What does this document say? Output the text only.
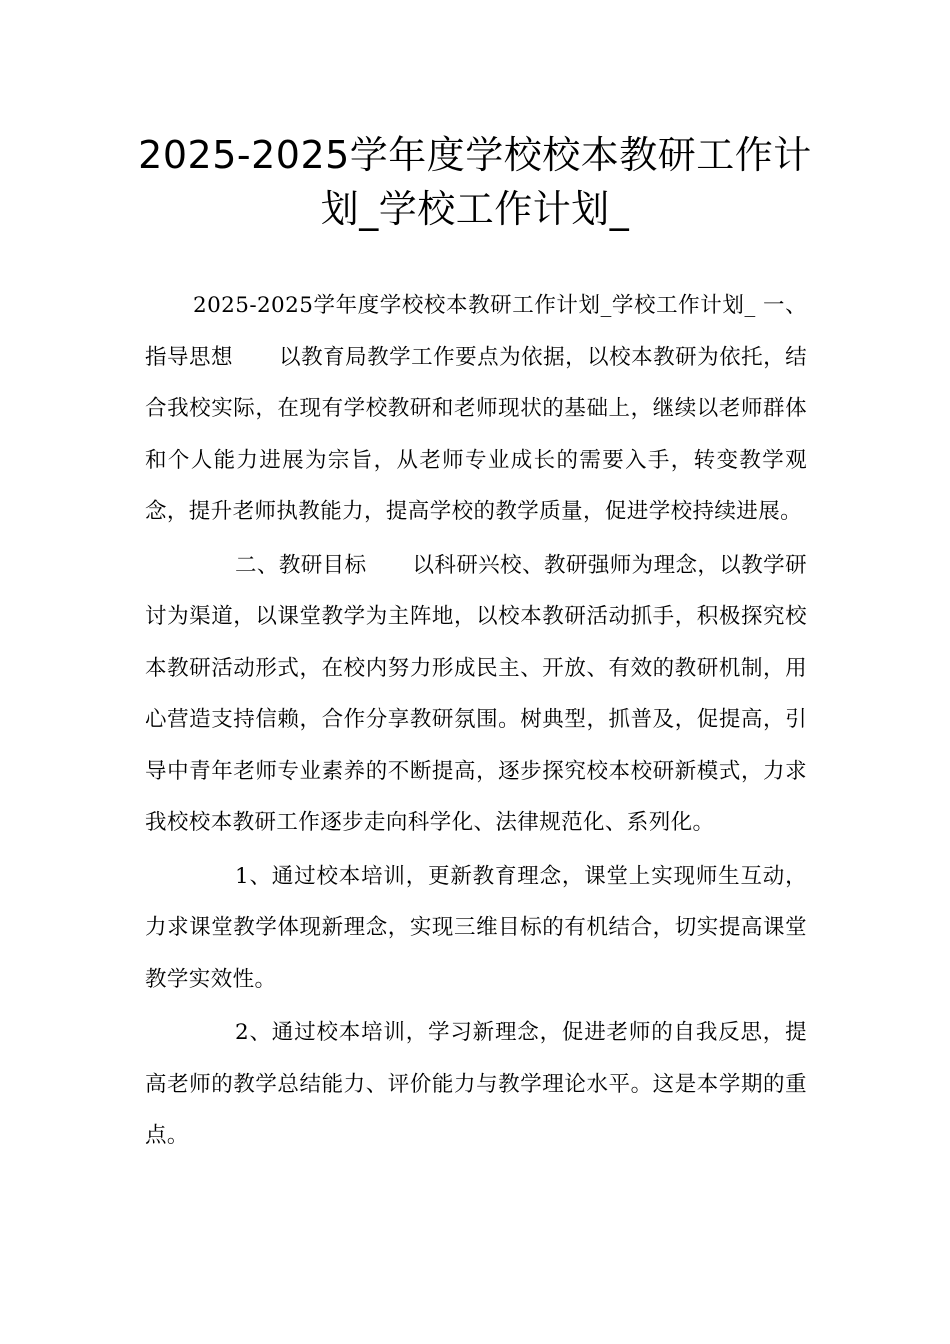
2025-2025学年度学校校本教研工作计划_学校工作计划_

2025-2025学年度学校校本教研工作计划_学校工作计划_ 一、指导思想 以教育局教学工作要点为依据，以校本教研为依托，结合我校实际，在现有学校教研和老师现状的基础上，继续以老师群体和个人能力进展为宗旨，从老师专业成长的需要入手，转变教学观念，提升老师执教能力，提高学校的教学质量，促进学校持续进展。

二、教研目标 以科研兴校、教研强师为理念，以教学研讨为渠道，以课堂教学为主阵地，以校本教研活动抓手，积极探究校本教研活动形式，在校内努力形成民主、开放、有效的教研机制，用心营造支持信赖，合作分享教研氛围。树典型，抓普及，促提高，引导中青年老师专业素养的不断提高，逐步探究校本校研新模式，力求我校校本教研工作逐步走向科学化、法律规范化、系列化。

1、通过校本培训，更新教育理念，课堂上实现师生互动，力求课堂教学体现新理念，实现三维目标的有机结合，切实提高课堂教学实效性。

2、通过校本培训，学习新理念，促进老师的自我反思，提高老师的教学总结能力、评价能力与教学理论水平。这是本学期的重点。
